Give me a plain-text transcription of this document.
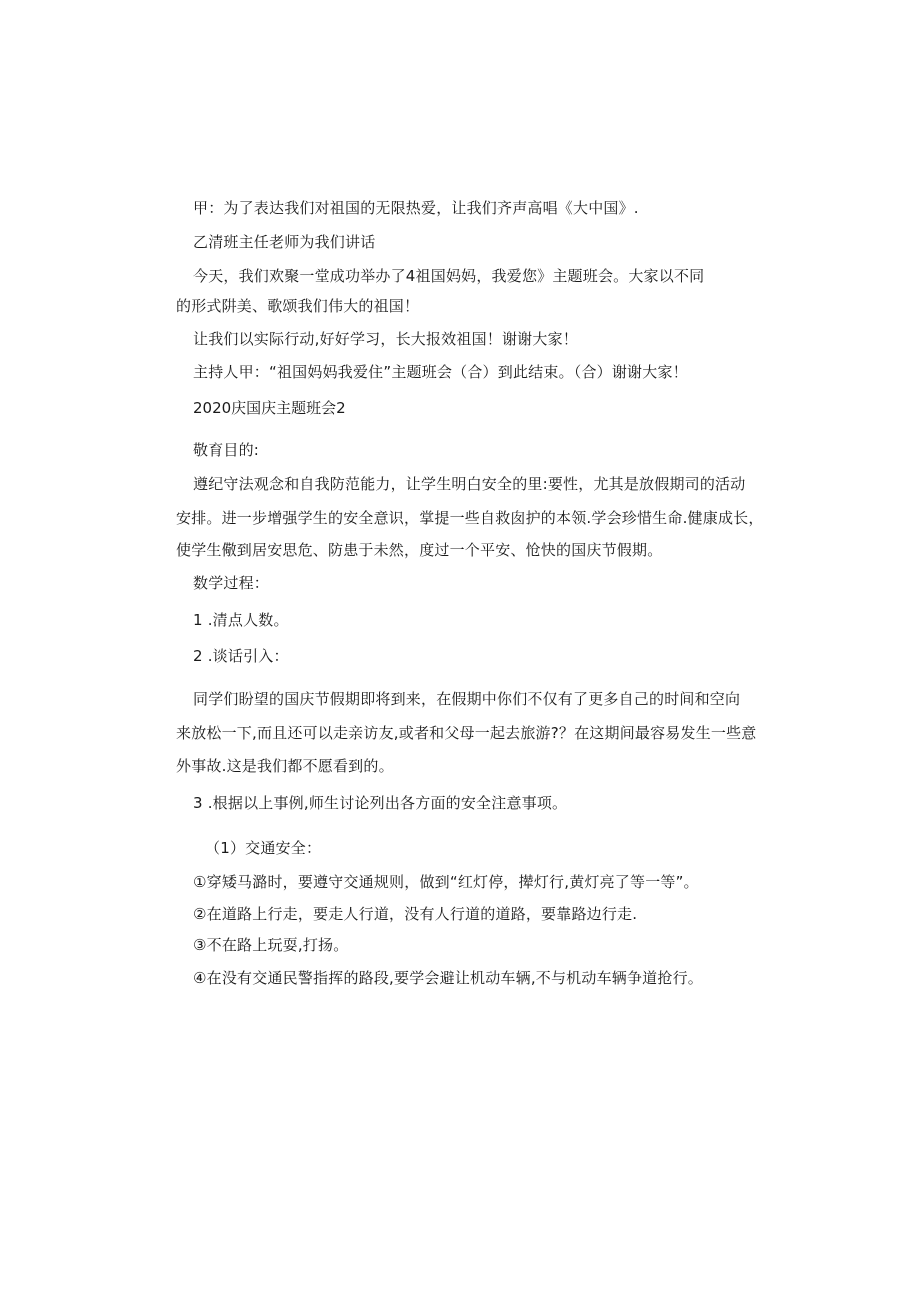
甲：为了表达我们对祖国的无限热爱，让我们齐声高唱《大中国》.
乙清班主任老师为我们讲话
今天，我们欢聚一堂成功举办了4祖国妈妈，我爱您》主题班会。大家以不同
的形式阱美、歌颂我们伟大的祖国！
让我们以实际行动,好好学习，长大报效祖国！谢谢大家！
主持人甲：“祖国妈妈我爱住”主题班会（合）到此结束。（合）谢谢大家！
2020庆国庆主题班会2
敬育目的:
遵纪守法观念和自我防范能力，让学生明白安全的里:要性，尤其是放假期司的活动
安排。进一步增强学生的安全意识，掌提一些自救囱护的本领.学会珍惜生命.健康成长，
使学生儆到居安思危、防患于未然，度过一个平安、怆快的国庆节假期。
数学过程：
1 .清点人数。
2 .谈话引入：
同学们盼望的国庆节假期即将到来，在假期中你们不仅有了更多自己的时间和空向
来放松一下,而且还可以走亲访友,或者和父母一起去旅游?？在这期间最容易发生一些意
外事故.这是我们都不愿看到的。
3 .根据以上事例,师生讨论列出各方面的安全注意事项。
（1）交通安全：
①穿矮马潞时，要遵守交通规则，做到“红灯停，撵灯行,黄灯亮了等一等”。
②在道路上行走，要走人行道，没有人行道的道路，要靠路边行走.
③不在路上玩耍,打扬。
④在没有交通民警指挥的路段,要学会避让机动车辆,不与机动车辆争道抢行。
